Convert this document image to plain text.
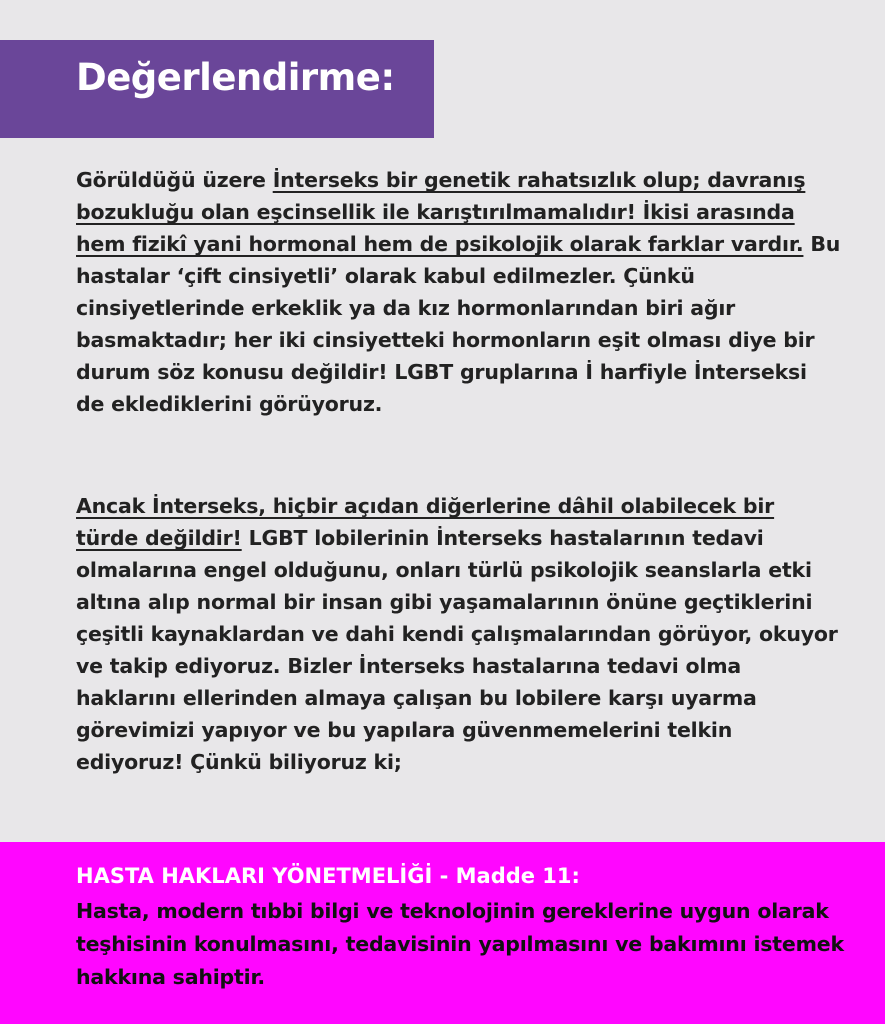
Değerlendirme:

Görüldüğü üzere İnterseks bir genetik rahatsızlık olup; davranış bozukluğu olan eşcinsellik ile karıştırılmamalıdır! İkisi arasında hem fizikî yani hormonal hem de psikolojik olarak farklar vardır. Bu hastalar ‘çift cinsiyetli’ olarak kabul edilmezler. Çünkü cinsiyetlerinde erkeklik ya da kız hormonlarından biri ağır basmaktadır; her iki cinsiyetteki hormonların eşit olması diye bir durum söz konusu değildir! LGBT gruplarına İ harfiyle İnterseksi de eklediklerini görüyoruz.

Ancak İnterseks, hiçbir açıdan diğerlerine dâhil olabilecek bir türde değildir! LGBT lobilerinin İnterseks hastalarının tedavi olmalarına engel olduğunu, onları türlü psikolojik seanslarla etki altına alıp normal bir insan gibi yaşamalarının önüne geçtiklerini çeşitli kaynaklardan ve dahi kendi çalışmalarından görüyor, okuyor ve takip ediyoruz. Bizler İnterseks hastalarına tedavi olma haklarını ellerinden almaya çalışan bu lobilere karşı uyarma görevimizi yapıyor ve bu yapılara güvenmemelerini telkin ediyoruz! Çünkü biliyoruz ki;

HASTA HAKLARI YÖNETMELİĞİ - Madde 11:

Hasta, modern tıbbi bilgi ve teknolojinin gereklerine uygun olarak teşhisinin konulmasını, tedavisinin yapılmasını ve bakımını istemek hakkına sahiptir.
